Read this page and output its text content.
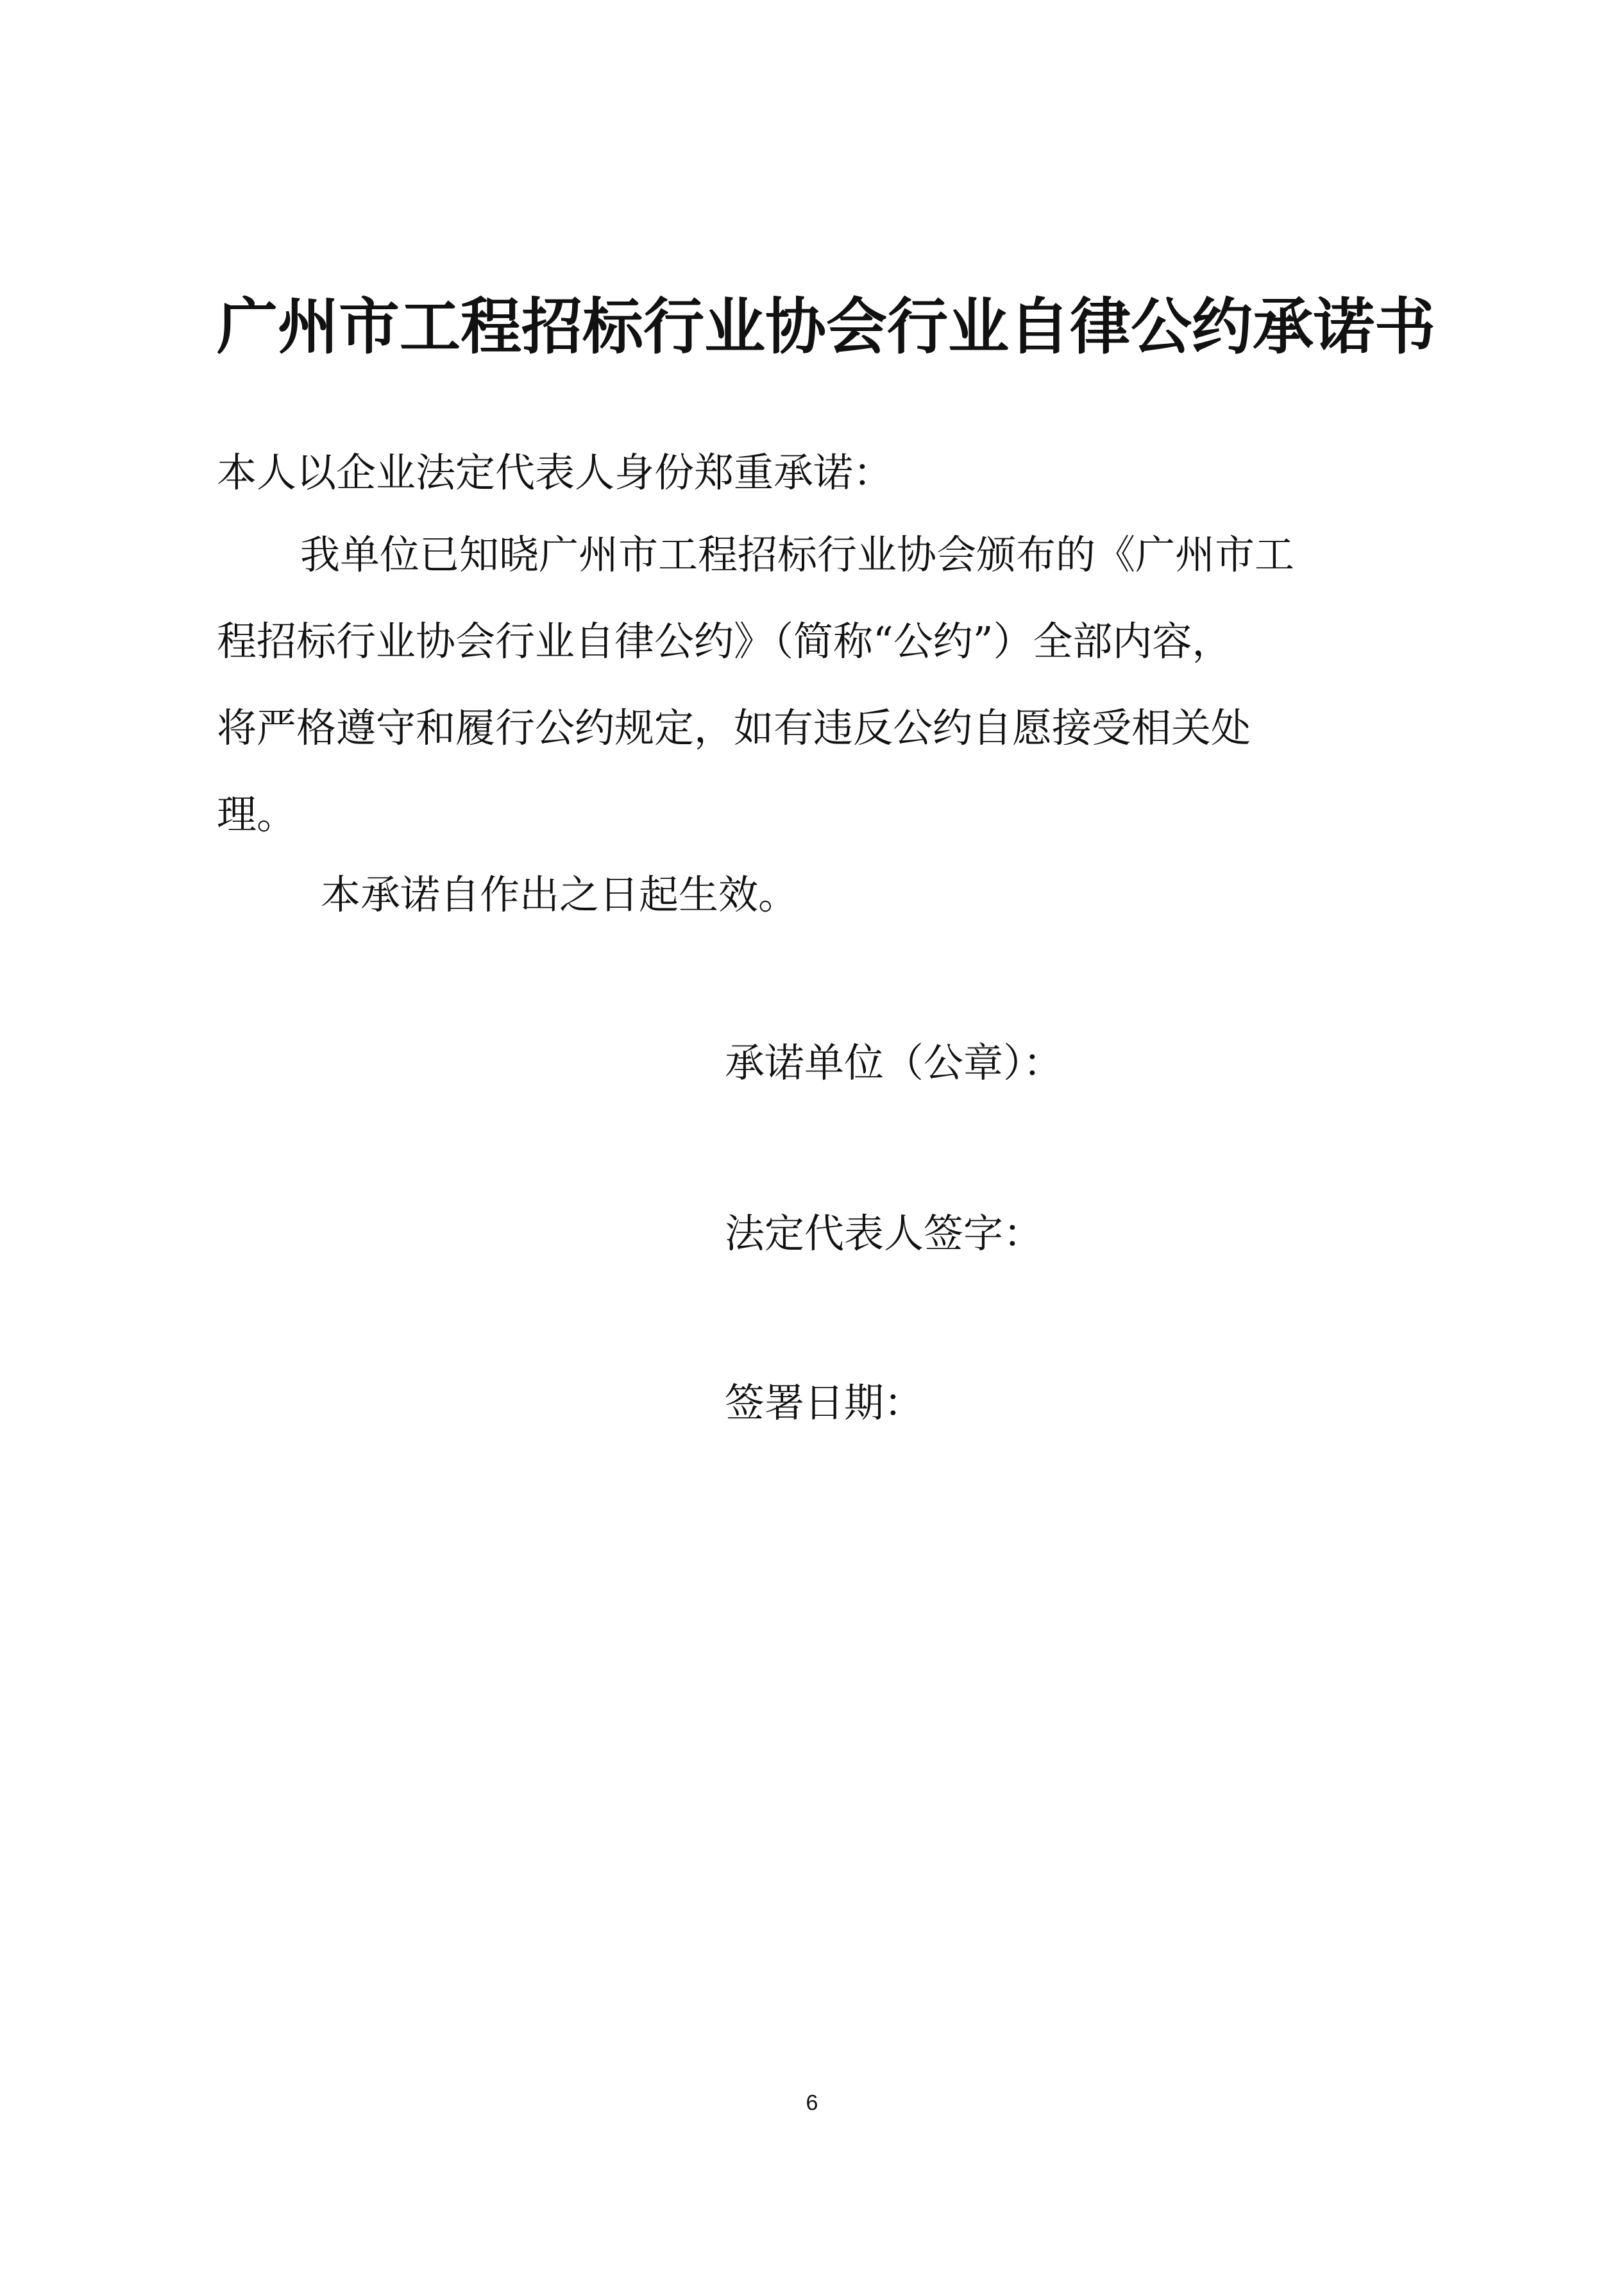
广州市工程招标行业协会行业自律公约承诺书
本人以企业法定代表人身份郑重承诺：
我单位已知晓广州市工程招标行业协会颁布的《广州市工
程招标行业协会行业自律公约》（简称“公约”）全部内容，
将严格遵守和履行公约规定，如有违反公约自愿接受相关处
理。
本承诺自作出之日起生效。
承诺单位（公章）：
法定代表人签字：
签署日期：
6
